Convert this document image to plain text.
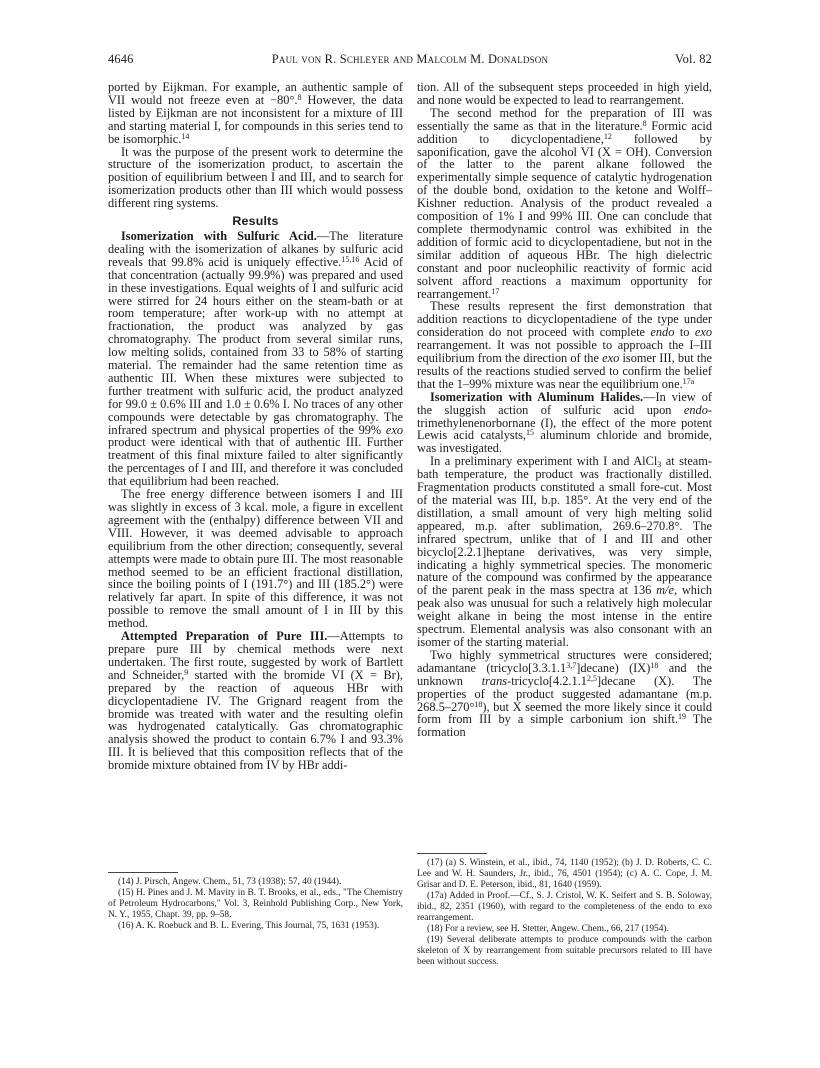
4646	Paul von R. Schleyer and Malcolm M. Donaldson	Vol. 82

ported by Eijkman. For example, an authentic sample of VII would not freeze even at −80°.$^8$ However, the data listed by Eijkman are not inconsistent for a mixture of III and starting material I, for compounds in this series tend to be isomorphic.$^{14}$

It was the purpose of the present work to determine the structure of the isomerization product, to ascertain the position of equilibrium between I and III, and to search for isomerization products other than III which would possess different ring systems.

Results

Isomerization with Sulfuric Acid.—The literature dealing with the isomerization of alkanes by sulfuric acid reveals that 99.8% acid is uniquely effective.$^{15,16}$ Acid of that concentration (actually 99.9%) was prepared and used in these investigations. Equal weights of I and sulfuric acid were stirred for 24 hours either on the steam-bath or at room temperature; after work-up with no attempt at fractionation, the product was analyzed by gas chromatography. The product from several similar runs, low melting solids, contained from 33 to 58% of starting material. The remainder had the same retention time as authentic III. When these mixtures were subjected to further treatment with sulfuric acid, the product analyzed for 99.0 ± 0.6% III and 1.0 ± 0.6% I. No traces of any other compounds were detectable by gas chromatography. The infrared spectrum and physical properties of the 99% exo product were identical with that of authentic III. Further treatment of this final mixture failed to alter significantly the percentages of I and III, and therefore it was concluded that equilibrium had been reached.

The free energy difference between isomers I and III was slightly in excess of 3 kcal. mole, a figure in excellent agreement with the (enthalpy) difference between VII and VIII. However, it was deemed advisable to approach equilibrium from the other direction; consequently, several attempts were made to obtain pure III. The most reasonable method seemed to be an efficient fractional distillation, since the boiling points of I (191.7°) and III (185.2°) were relatively far apart. In spite of this difference, it was not possible to remove the small amount of I in III by this method.

Attempted Preparation of Pure III.—Attempts to prepare pure III by chemical methods were next undertaken. The first route, suggested by work of Bartlett and Schneider,$^9$ started with the bromide VI (X = Br), prepared by the reaction of aqueous HBr with dicyclopentadiene IV. The Grignard reagent from the bromide was treated with water and the resulting olefin was hydrogenated catalytically. Gas chromatographic analysis showed the product to contain 6.7% I and 93.3% III. It is believed that this composition reflects that of the bromide mixture obtained from IV by HBr addi-

tion. All of the subsequent steps proceeded in high yield, and none would be expected to lead to rearrangement.

The second method for the preparation of III was essentially the same as that in the literature.$^8$ Formic acid addition to dicyclopentadiene,$^{12}$ followed by saponification, gave the alcohol VI (X = OH). Conversion of the latter to the parent alkane followed the experimentally simple sequence of catalytic hydrogenation of the double bond, oxidation to the ketone and Wolff–Kishner reduction. Analysis of the product revealed a composition of 1% I and 99% III. One can conclude that complete thermodynamic control was exhibited in the addition of formic acid to dicyclopentadiene, but not in the similar addition of aqueous HBr. The high dielectric constant and poor nucleophilic reactivity of formic acid solvent afford reactions a maximum opportunity for rearrangement.$^{17}$

These results represent the first demonstration that addition reactions to dicyclopentadiene of the type under consideration do not proceed with complete endo to exo rearrangement. It was not possible to approach the I–III equilibrium from the direction of the exo isomer III, but the results of the reactions studied served to confirm the belief that the 1–99% mixture was near the equilibrium one.$^{17a}$

Isomerization with Aluminum Halides.—In view of the sluggish action of sulfuric acid upon endo-trimethylenenorbornane (I), the effect of the more potent Lewis acid catalysts,$^{15}$ aluminum chloride and bromide, was investigated.

In a preliminary experiment with I and AlCl$_3$ at steam-bath temperature, the product was fractionally distilled. Fragmentation products constituted a small fore-cut. Most of the material was III, b.p. 185°. At the very end of the distillation, a small amount of very high melting solid appeared, m.p. after sublimation, 269.6–270.8°. The infrared spectrum, unlike that of I and III and other bicyclo[2.2.1]heptane derivatives, was very simple, indicating a highly symmetrical species. The monomeric nature of the compound was confirmed by the appearance of the parent peak in the mass spectra at 136 m/e, which peak also was unusual for such a relatively high molecular weight alkane in being the most intense in the entire spectrum. Elemental analysis was also consonant with an isomer of the starting material.

Two highly symmetrical structures were considered; adamantane (tricyclo[3.3.1.1$^{3,7}$]decane) (IX)$^{18}$ and the unknown trans-tricyclo[4.2.1.1$^{2,5}$]decane (X). The properties of the product suggested adamantane (m.p. 268.5–270°$^{18}$), but X seemed the more likely since it could form from III by a simple carbonium ion shift.$^{19}$ The formation

(14) J. Pirsch, Angew. Chem., 51, 73 (1938); 57, 40 (1944).

(15) H. Pines and J. M. Mavity in B. T. Brooks, et al., eds., "The Chemistry of Petroleum Hydrocarbons," Vol. 3, Reinhold Publishing Corp., New York, N. Y., 1955, Chapt. 39, pp. 9–58.

(16) A. K. Roebuck and B. L. Evering, This Journal, 75, 1631 (1953).

(17) (a) S. Winstein, et al., ibid., 74, 1140 (1952); (b) J. D. Roberts, C. C. Lee and W. H. Saunders, Jr., ibid., 76, 4501 (1954); (c) A. C. Cope, J. M. Grisar and D. E. Peterson, ibid., 81, 1640 (1959).

(17a) Added in Proof.—Cf., S. J. Cristol, W. K. Seifert and S. B. Soloway, ibid., 82, 2351 (1960), with regard to the completeness of the endo to exo rearrangement.

(18) For a review, see H. Stetter, Angew. Chem., 66, 217 (1954).

(19) Several deliberate attempts to produce compounds with the carbon skeleton of X by rearrangement from suitable precursors related to III have been without success.
